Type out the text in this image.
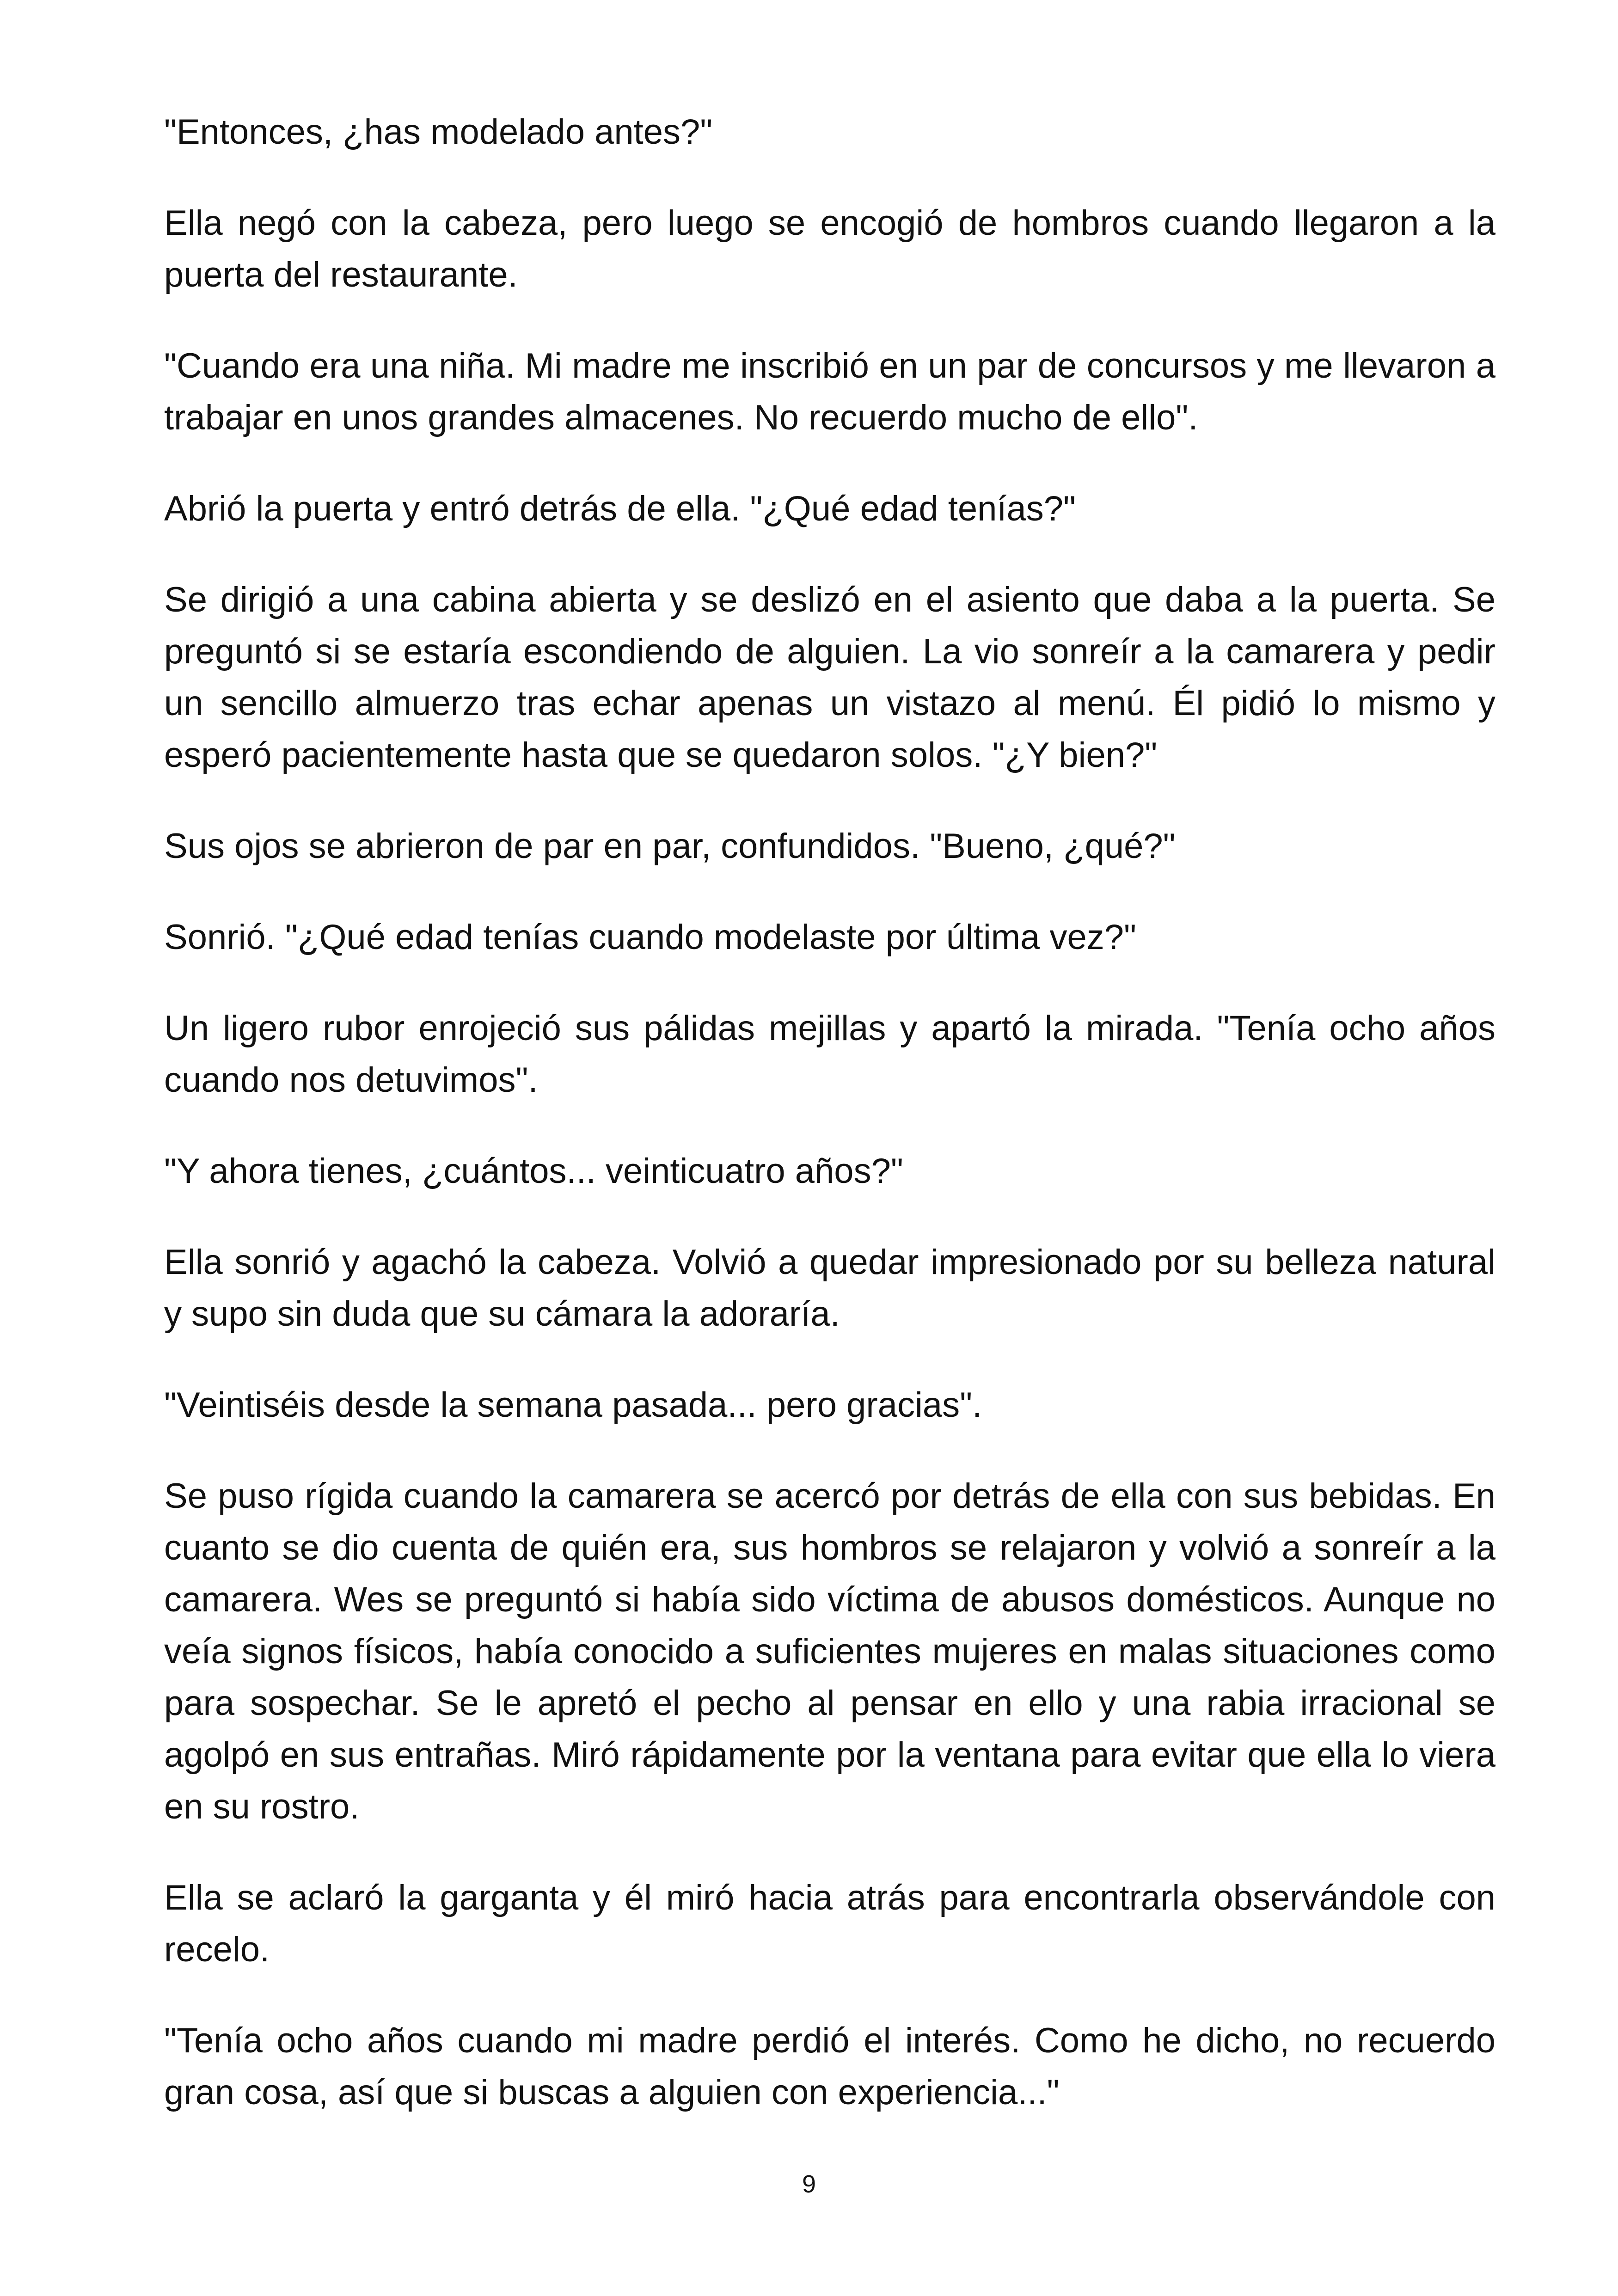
"Entonces, ¿has modelado antes?"

Ella negó con la cabeza, pero luego se encogió de hombros cuando llegaron a la puerta del restaurante.

"Cuando era una niña. Mi madre me inscribió en un par de concursos y me llevaron a trabajar en unos grandes almacenes. No recuerdo mucho de ello".

Abrió la puerta y entró detrás de ella. "¿Qué edad tenías?"

Se dirigió a una cabina abierta y se deslizó en el asiento que daba a la puerta. Se preguntó si se estaría escondiendo de alguien. La vio sonreír a la camarera y pedir un sencillo almuerzo tras echar apenas un vistazo al menú. Él pidió lo mismo y esperó pacientemente hasta que se quedaron solos. "¿Y bien?"

Sus ojos se abrieron de par en par, confundidos. "Bueno, ¿qué?"

Sonrió. "¿Qué edad tenías cuando modelaste por última vez?"

Un ligero rubor enrojeció sus pálidas mejillas y apartó la mirada. "Tenía ocho años cuando nos detuvimos".

"Y ahora tienes, ¿cuántos... veinticuatro años?"

Ella sonrió y agachó la cabeza. Volvió a quedar impresionado por su belleza natural y supo sin duda que su cámara la adoraría.

"Veintiséis desde la semana pasada... pero gracias".

Se puso rígida cuando la camarera se acercó por detrás de ella con sus bebidas. En cuanto se dio cuenta de quién era, sus hombros se relajaron y volvió a sonreír a la camarera. Wes se preguntó si había sido víctima de abusos domésticos. Aunque no veía signos físicos, había conocido a suficientes mujeres en malas situaciones como para sospechar. Se le apretó el pecho al pensar en ello y una rabia irracional se agolpó en sus entrañas. Miró rápidamente por la ventana para evitar que ella lo viera en su rostro.

Ella se aclaró la garganta y él miró hacia atrás para encontrarla observándole con recelo.

"Tenía ocho años cuando mi madre perdió el interés. Como he dicho, no recuerdo gran cosa, así que si buscas a alguien con experiencia..."

9
